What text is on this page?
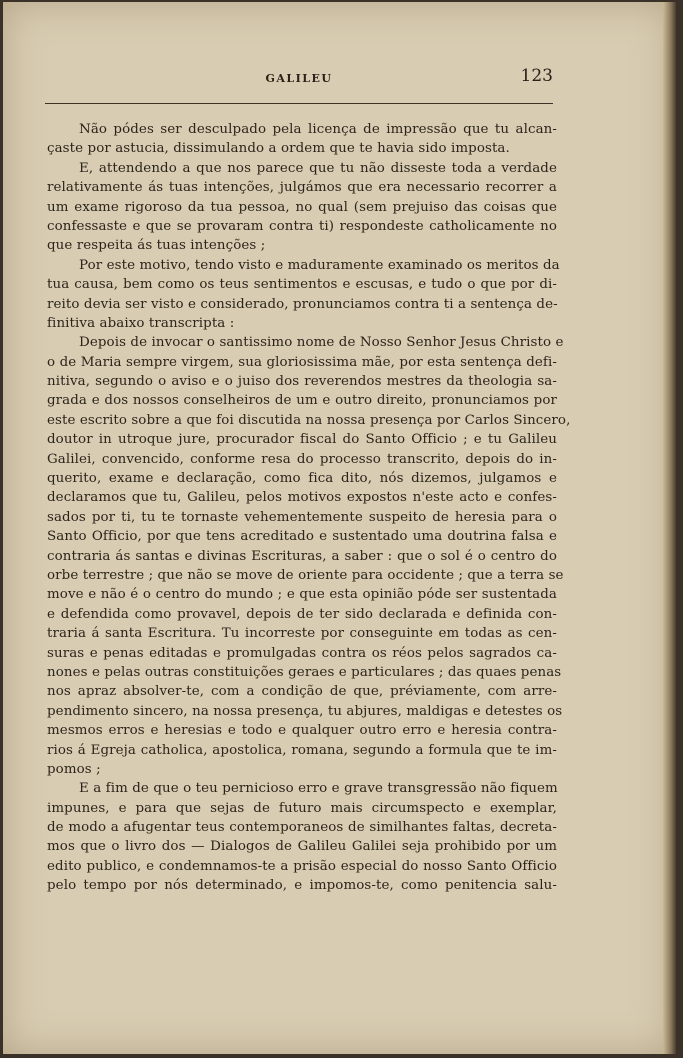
GALILEU	123
Não pódes ser desculpado pela licença de impressão que tu alcan-
çaste por astucia, dissimulando a ordem que te havia sido imposta.
E, attendendo a que nos parece que tu não disseste toda a verdade
relativamente ás tuas intenções, julgámos que era necessario recorrer a
um exame rigoroso da tua pessoa, no qual (sem prejuiso das coisas que
confessaste e que se provaram contra ti) respondeste catholicamente no
que respeita ás tuas intenções ;
Por este motivo, tendo visto e maduramente examinado os meritos da
tua causa, bem como os teus sentimentos e escusas, e tudo o que por di-
reito devia ser visto e considerado, pronunciamos contra ti a sentença de-
finitiva abaixo transcripta :
Depois de invocar o santissimo nome de Nosso Senhor Jesus Christo e
o de Maria sempre virgem, sua gloriosissima mãe, por esta sentença defi-
nitiva, segundo o aviso e o juiso dos reverendos mestres da theologia sa-
grada e dos nossos conselheiros de um e outro direito, pronunciamos por
este escrito sobre a que foi discutida na nossa presença por Carlos Sincero,
doutor in utroque jure, procurador fiscal do Santo Officio ; e tu Galileu
Galilei, convencido, conforme resa do processo transcrito, depois do in-
querito, exame e declaração, como fica dito, nós dizemos, julgamos e
declaramos que tu, Galileu, pelos motivos expostos n'este acto e confes-
sados por ti, tu te tornaste vehementemente suspeito de heresia para o
Santo Officio, por que tens acreditado e sustentado uma doutrina falsa e
contraria ás santas e divinas Escrituras, a saber : que o sol é o centro do
orbe terrestre ; que não se move de oriente para occidente ; que a terra se
move e não é o centro do mundo ; e que esta opinião póde ser sustentada
e defendida como provavel, depois de ter sido declarada e definida con-
traria á santa Escritura. Tu incorreste por conseguinte em todas as cen-
suras e penas editadas e promulgadas contra os réos pelos sagrados ca-
nones e pelas outras constituições geraes e particulares ; das quaes penas
nos apraz absolver-te, com a condição de que, préviamente, com arre-
pendimento sincero, na nossa presença, tu abjures, maldigas e detestes os
mesmos erros e heresias e todo e qualquer outro erro e heresia contra-
rios á Egreja catholica, apostolica, romana, segundo a formula que te im-
pomos ;
E a fim de que o teu pernicioso erro e grave transgressão não fiquem
impunes, e para que sejas de futuro mais circumspecto e exemplar,
de modo a afugentar teus contemporaneos de similhantes faltas, decreta-
mos que o livro dos — Dialogos de Galileu Galilei seja prohibido por um
edito publico, e condemnamos-te a prisão especial do nosso Santo Officio
pelo tempo por nós determinado, e impomos-te, como penitencia salu-
